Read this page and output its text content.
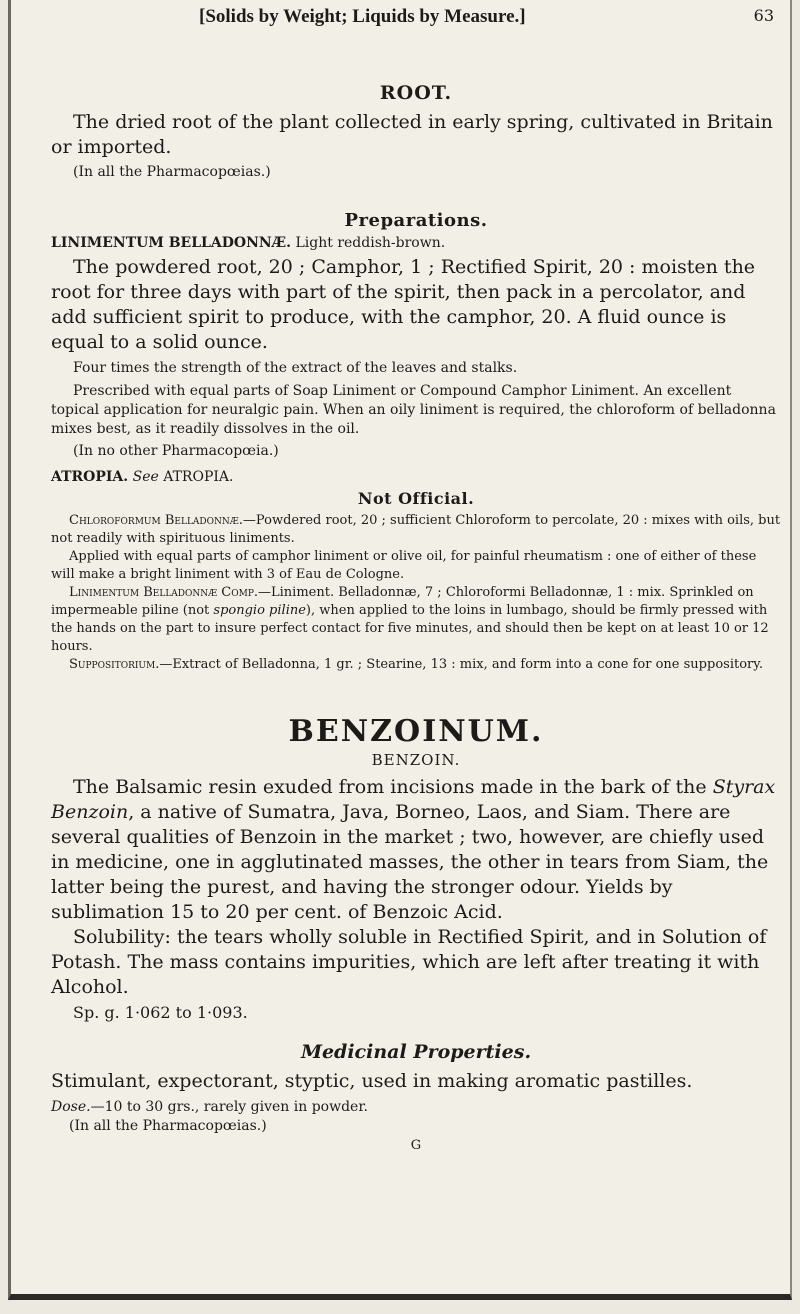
[Solids by Weight; Liquids by Measure.]	63
ROOT.

The dried root of the plant collected in early spring, cultivated in Britain or imported.

(In all the Pharmacopœias.)
Preparations.
LINIMENTUM BELLADONNÆ. Light reddish-brown.

The powdered root, 20 ; Camphor, 1 ; Rectified Spirit, 20 : moisten the root for three days with part of the spirit, then pack in a percolator, and add sufficient spirit to produce, with the camphor, 20. A fluid ounce is equal to a solid ounce.

Four times the strength of the extract of the leaves and stalks.

Prescribed with equal parts of Soap Liniment or Compound Camphor Liniment. An excellent topical application for neuralgic pain. When an oily liniment is required, the chloroform of belladonna mixes best, as it readily dissolves in the oil.

(In no other Pharmacopœia.)
ATROPIA. See ATROPIA.
Not Official.

Chloroformum Belladonnæ.—Powdered root, 20 ; sufficient Chloroform to percolate, 20 : mixes with oils, but not readily with spirituous liniments.

Applied with equal parts of camphor liniment or olive oil, for painful rheumatism : one of either of these will make a bright liniment with 3 of Eau de Cologne.

Linimentum Belladonnæ Comp.—Liniment. Belladonnæ, 7 ; Chloroformi Belladonnæ, 1 : mix. Sprinkled on impermeable piline (not spongio piline), when applied to the loins in lumbago, should be firmly pressed with the hands on the part to insure perfect contact for five minutes, and should then be kept on at least 10 or 12 hours.

Suppositorium.—Extract of Belladonna, 1 gr. ; Stearine, 13 : mix, and form into a cone for one suppository.

BENZOINUM.
BENZOIN.

The Balsamic resin exuded from incisions made in the bark of the Styrax Benzoin, a native of Sumatra, Java, Borneo, Laos, and Siam. There are several qualities of Benzoin in the market ; two, however, are chiefly used in medicine, one in agglutinated masses, the other in tears from Siam, the latter being the purest, and having the stronger odour. Yields by sublimation 15 to 20 per cent. of Benzoic Acid.

Solubility: the tears wholly soluble in Rectified Spirit, and in Solution of Potash. The mass contains impurities, which are left after treating it with Alcohol.

Sp. g. 1·062 to 1·093.

Medicinal Properties.

Stimulant, expectorant, styptic, used in making aromatic pastilles.

Dose.—10 to 30 grs., rarely given in powder.

(In all the Pharmacopœias.)
G
